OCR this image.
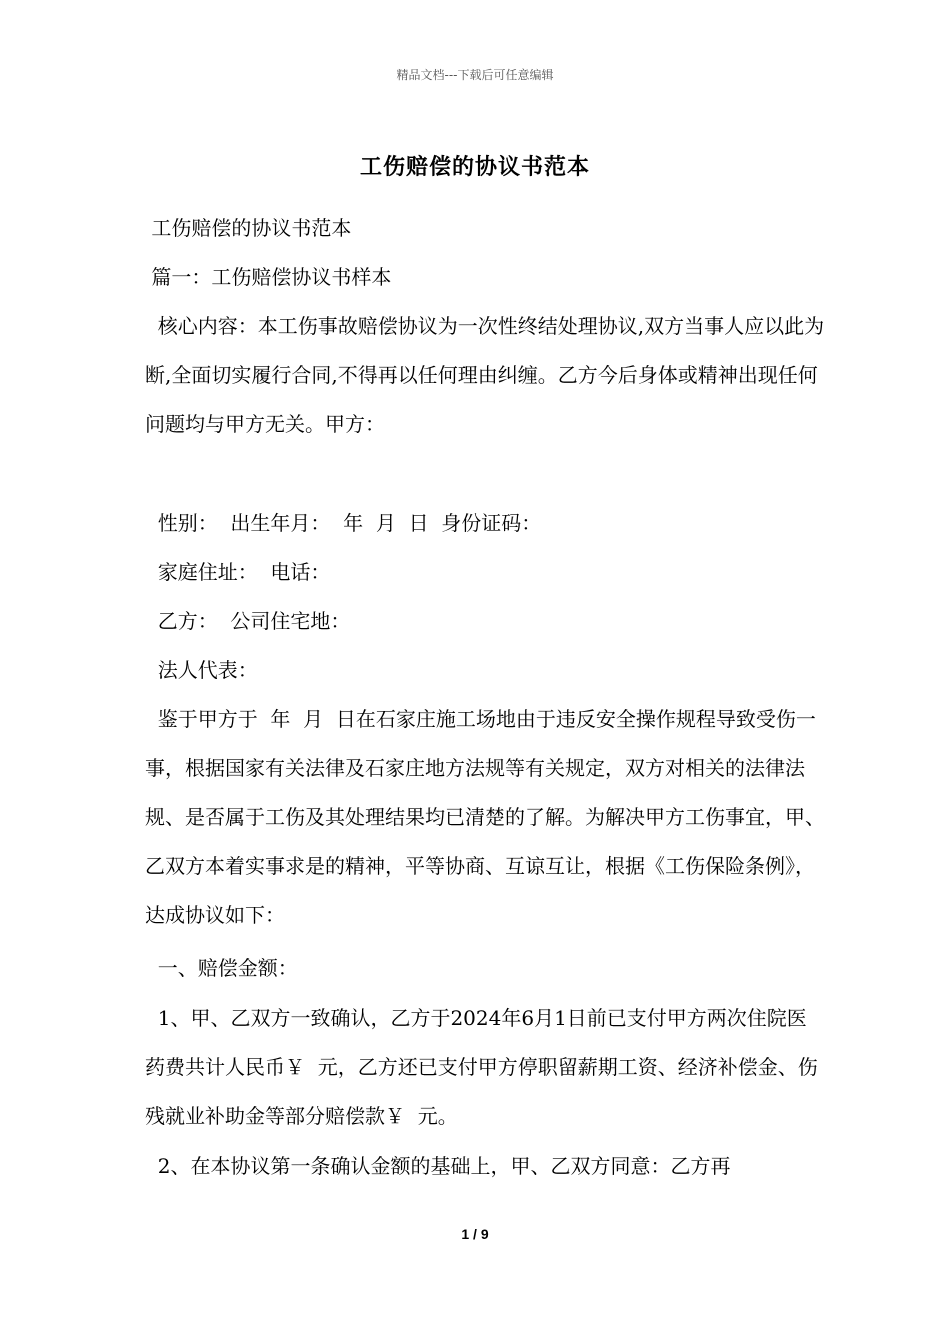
精品文档---下载后可任意编辑
工伤赔偿的协议书范本

工伤赔偿的协议书范本

篇一：工伤赔偿协议书样本

核心内容：本工伤事故赔偿协议为一次性终结处理协议,双方当事人应以此为断,全面切实履行合同,不得再以任何理由纠缠。乙方今后身体或精神出现任何问题均与甲方无关。甲方：

性别：  出生年月：  年  月  日  身份证码：

家庭住址：  电话：

乙方：  公司住宅地：

法人代表：

鉴于甲方于  年  月  日在石家庄施工场地由于违反安全操作规程导致受伤一事，根据国家有关法律及石家庄地方法规等有关规定，双方对相关的法律法规、是否属于工伤及其处理结果均已清楚的了解。为解决甲方工伤事宜，甲、乙双方本着实事求是的精神，平等协商、互谅互让，根据《工伤保险条例》，达成协议如下：

一、赔偿金额：

1、甲、乙双方一致确认，乙方于2024年6月1日前已支付甲方两次住院医药费共计人民币￥  元，乙方还已支付甲方停职留薪期工资、经济补偿金、伤残就业补助金等部分赔偿款￥  元。

2、在本协议第一条确认金额的基础上，甲、乙双方同意：乙方再

1 / 9
